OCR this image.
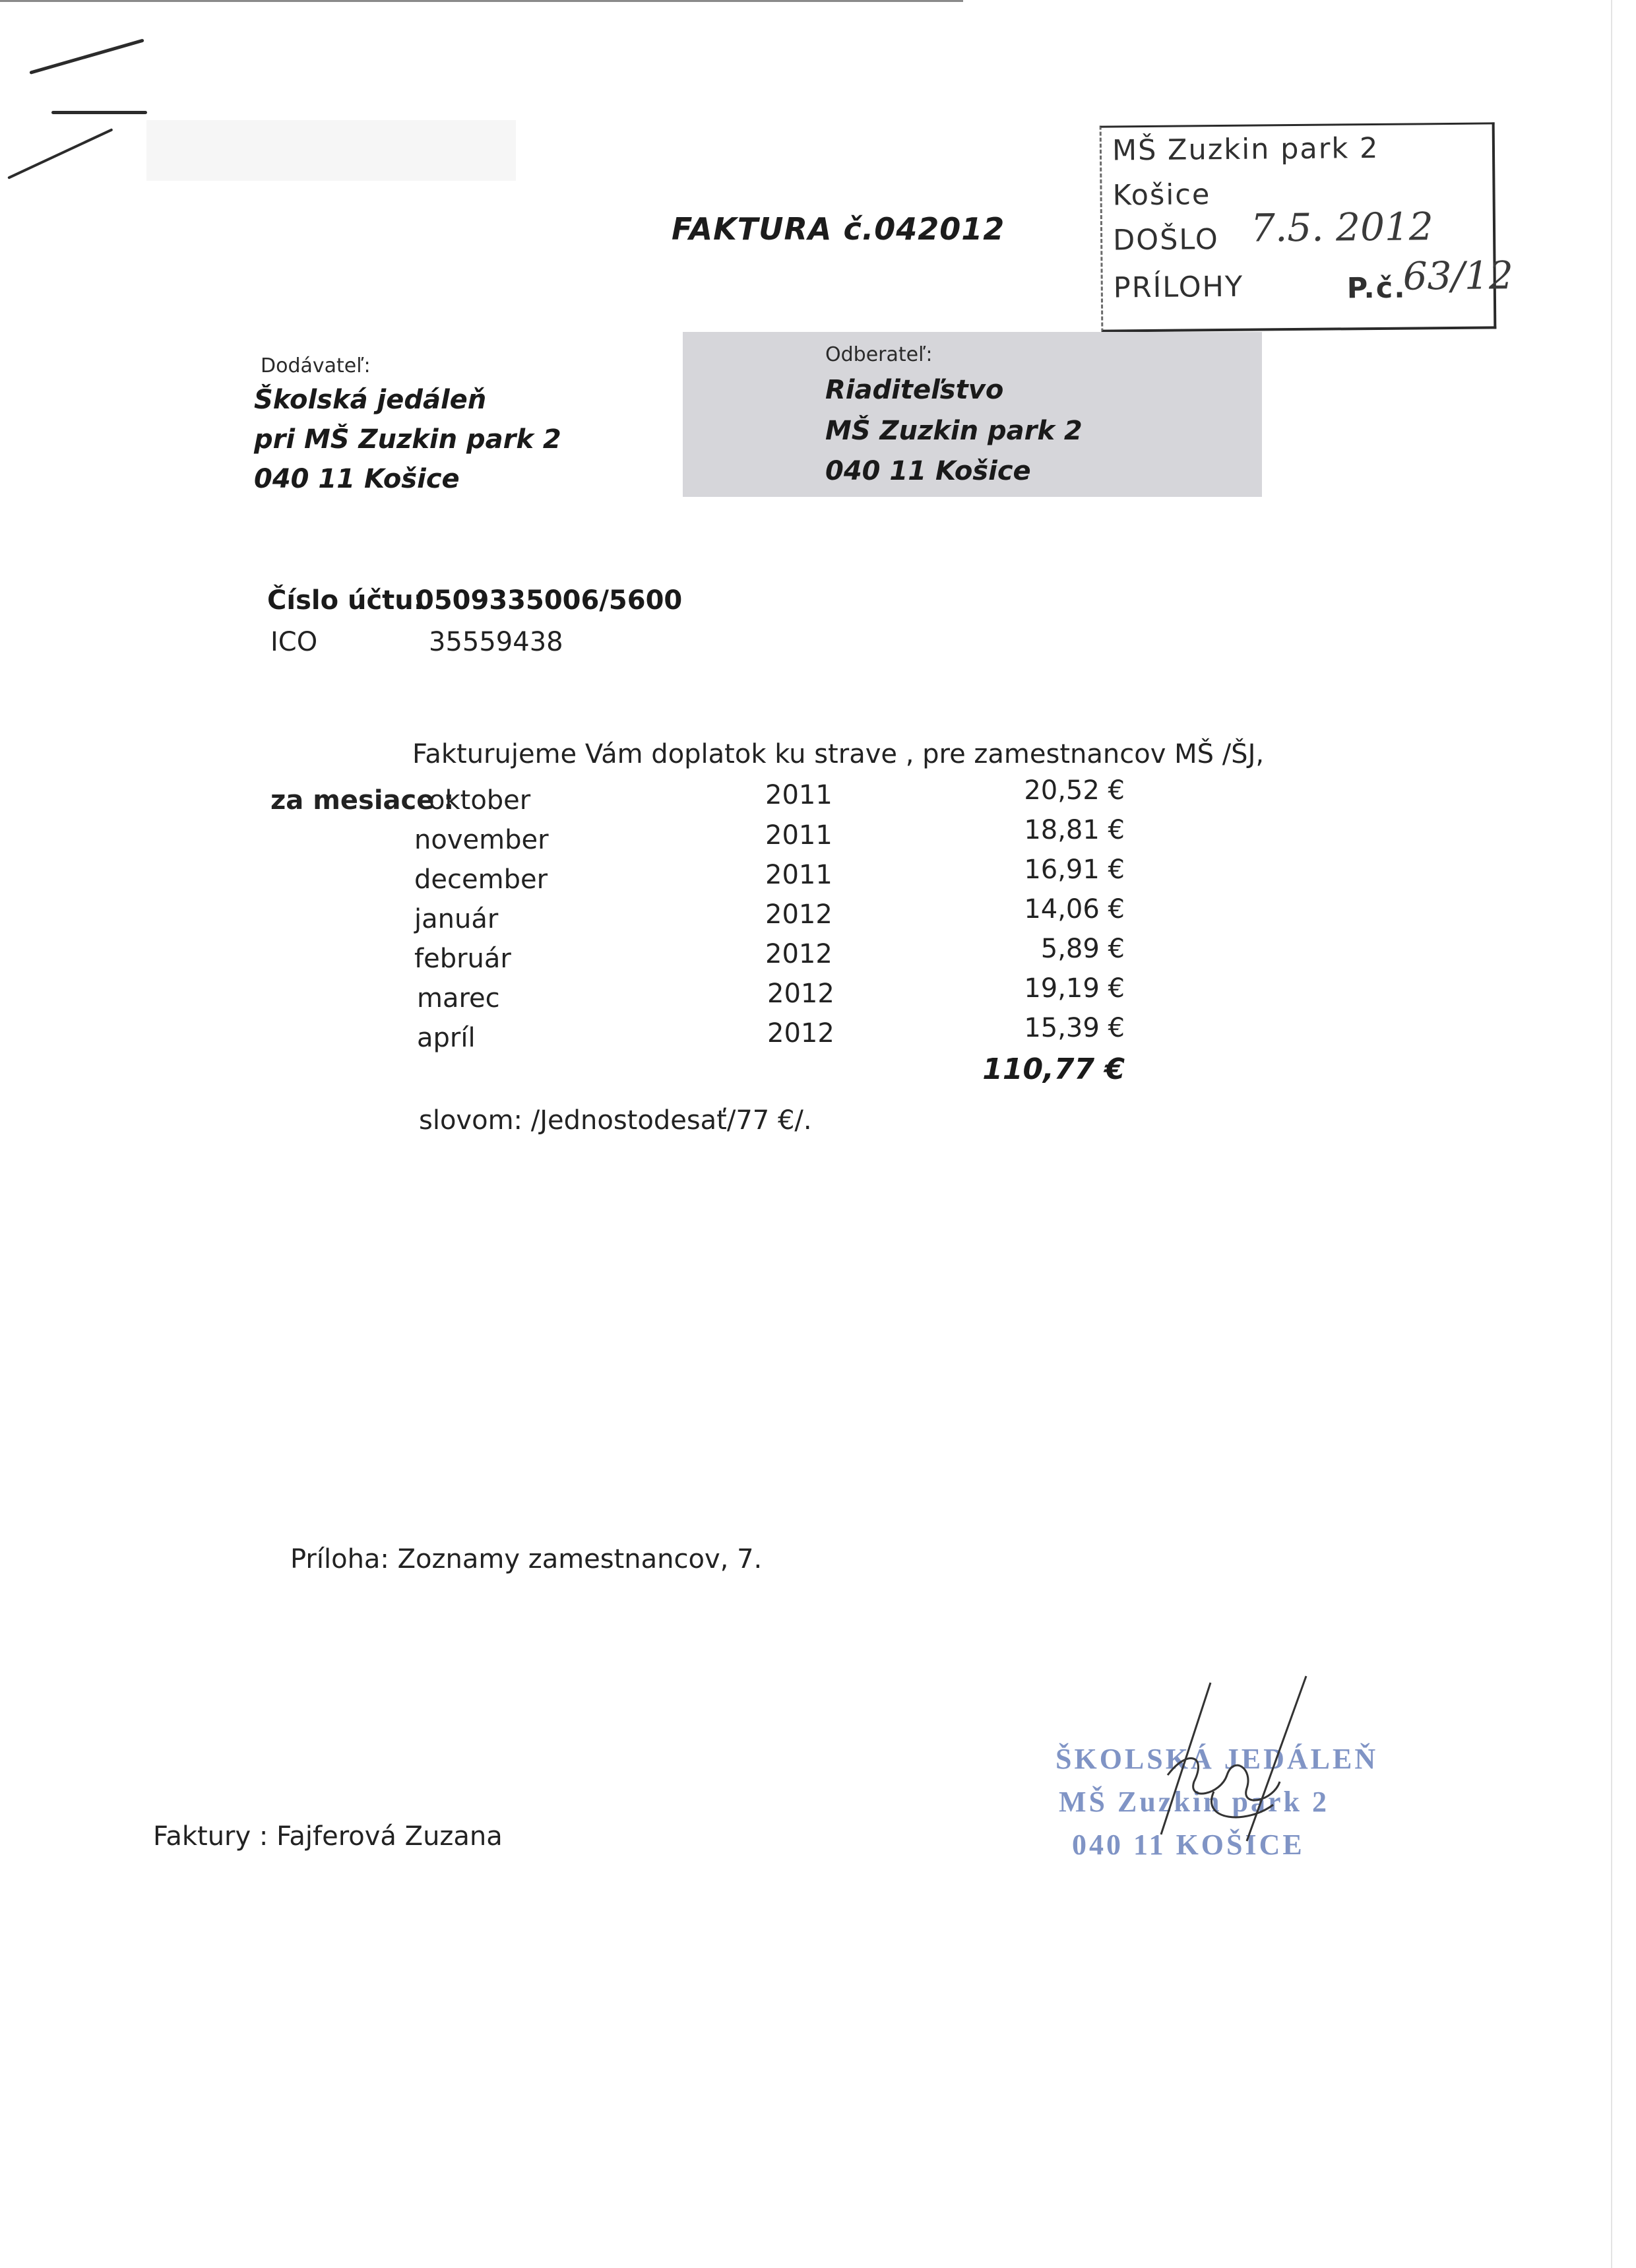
FAKTURA č.042012
MŠ Zuzkin park 2
Košice
DOŠLO 7.5. 2012
PRÍLOHY	P.č.
63/12
Dodávateľ:
Školská jedáleň
pri MŠ Zuzkin park 2
040 11 Košice
Odberateľ:
Riaditeľstvo
MŠ Zuzkin park 2
040 11 Košice
Číslo účtu:
0509335006/5600
ICO	35559438
Fakturujeme Vám doplatok ku strave , pre zamestnancov MŠ /ŠJ,
za mesiace :
oktober	2011	20,52 €
november	2011	18,81 €
december	2011	16,91 €
január	2012	14,06 €
február	2012	5,89 €
marec	2012	19,19 €
apríl	2012	15,39 €
110,77 €
slovom: /Jednostodesať/77 €/.
Príloha: Zoznamy zamestnancov, 7.
Faktury : Fajferová Zuzana
ŠKOLSKÁ JEDÁLEŇ
MŠ Zuzkin park 2
040 11 KOŠICE
